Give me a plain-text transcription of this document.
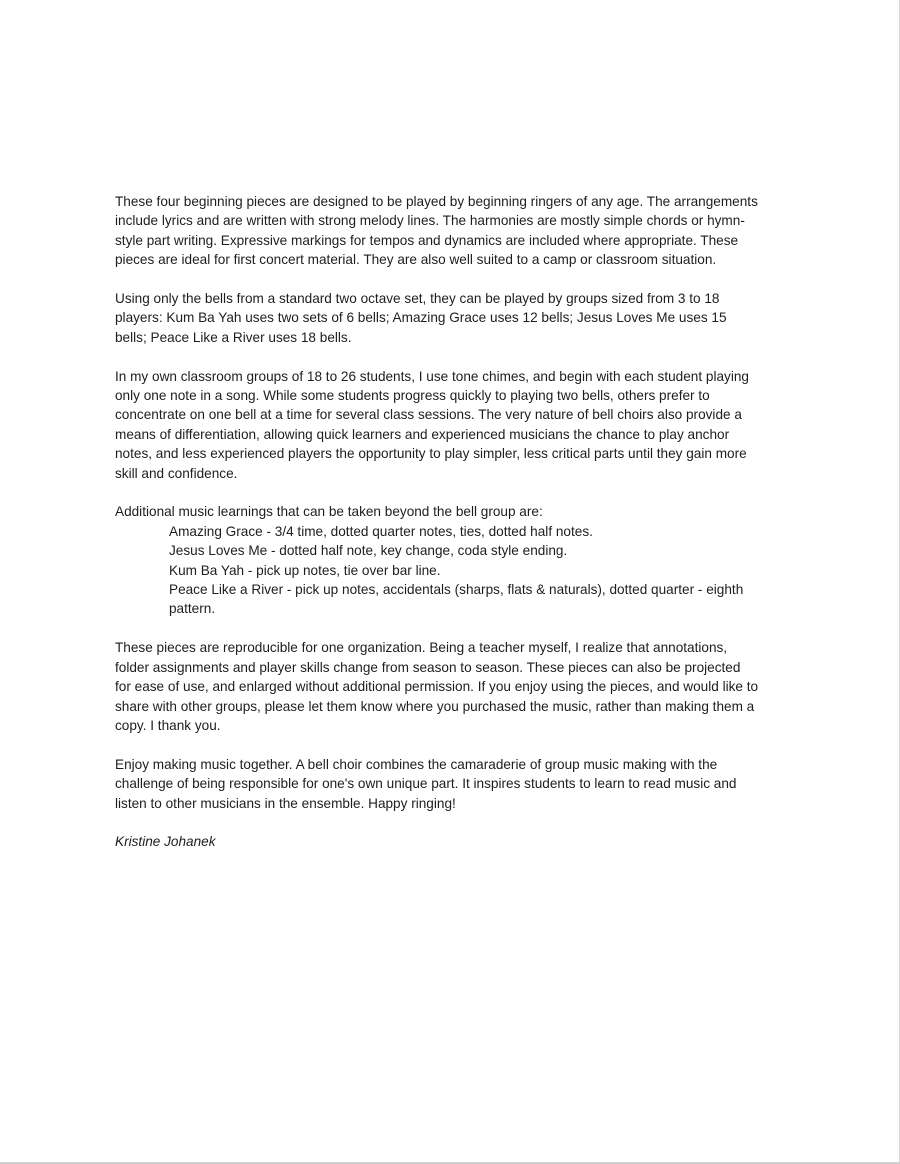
These four beginning pieces are designed to be played by beginning ringers of any age. The arrangements include lyrics and are written with strong melody lines. The harmonies are mostly simple chords or hymn-style part writing. Expressive markings for tempos and dynamics are included where appropriate. These pieces are ideal for first concert material. They are also well suited to a camp or classroom situation.

Using only the bells from a standard two octave set, they can be played by groups sized from 3 to 18 players: Kum Ba Yah uses two sets of 6 bells; Amazing Grace uses 12 bells; Jesus Loves Me uses 15 bells; Peace Like a River uses 18 bells.

In my own classroom groups of 18 to 26 students, I use tone chimes, and begin with each student playing only one note in a song. While some students progress quickly to playing two bells, others prefer to concentrate on one bell at a time for several class sessions. The very nature of bell choirs also provide a means of differentiation, allowing quick learners and experienced musicians the chance to play anchor notes, and less experienced players the opportunity to play simpler, less critical parts until they gain more skill and confidence.

Additional music learnings that can be taken beyond the bell group are:
Amazing Grace - 3/4 time, dotted quarter notes, ties, dotted half notes.
Jesus Loves Me - dotted half note, key change, coda style ending.
Kum Ba Yah - pick up notes, tie over bar line.
Peace Like a River - pick up notes, accidentals (sharps, flats & naturals), dotted quarter - eighth pattern.

These pieces are reproducible for one organization. Being a teacher myself, I realize that annotations, folder assignments and player skills change from season to season. These pieces can also be projected for ease of use, and enlarged without additional permission. If you enjoy using the pieces, and would like to share with other groups, please let them know where you purchased the music, rather than making them a copy. I thank you.

Enjoy making music together. A bell choir combines the camaraderie of group music making with the challenge of being responsible for one's own unique part. It inspires students to learn to read music and listen to other musicians in the ensemble. Happy ringing!

Kristine Johanek
